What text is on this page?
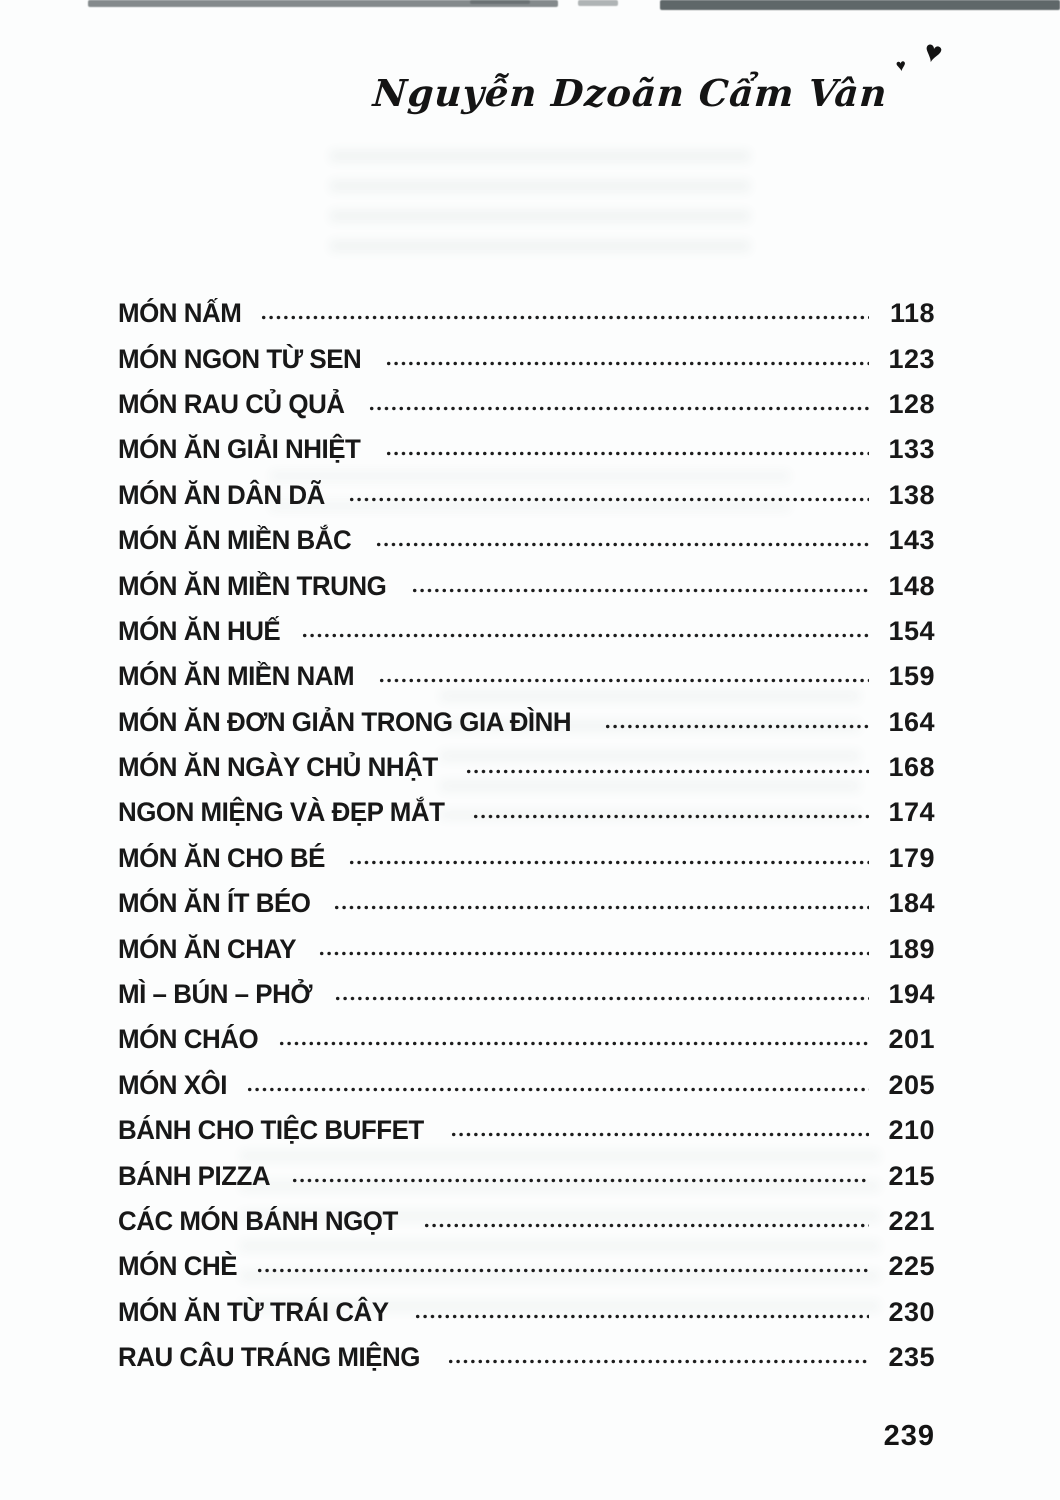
Nguyễn Dzoãn Cẩm Vân
♥
♥
MÓN NẤM	118
MÓN NGON TỪ SEN	123
MÓN RAU CỦ QUẢ	128
MÓN ĂN GIẢI NHIỆT	133
MÓN ĂN DÂN DÃ	138
MÓN ĂN MIỀN BẮC	143
MÓN ĂN MIỀN TRUNG	148
MÓN ĂN HUẾ	154
MÓN ĂN MIỀN NAM	159
MÓN ĂN ĐƠN GIẢN TRONG GIA ĐÌNH	164
MÓN ĂN NGÀY CHỦ NHẬT	168
NGON MIỆNG VÀ ĐẸP MẮT	174
MÓN ĂN CHO BÉ	179
MÓN ĂN ÍT BÉO	184
MÓN ĂN CHAY	189
MÌ – BÚN – PHỞ	194
MÓN CHÁO	201
MÓN XÔI	205
BÁNH CHO TIỆC BUFFET	210
BÁNH PIZZA	215
CÁC MÓN BÁNH NGỌT	221
MÓN CHÈ	225
MÓN ĂN TỪ TRÁI CÂY	230
RAU CÂU TRÁNG MIỆNG	235
239
